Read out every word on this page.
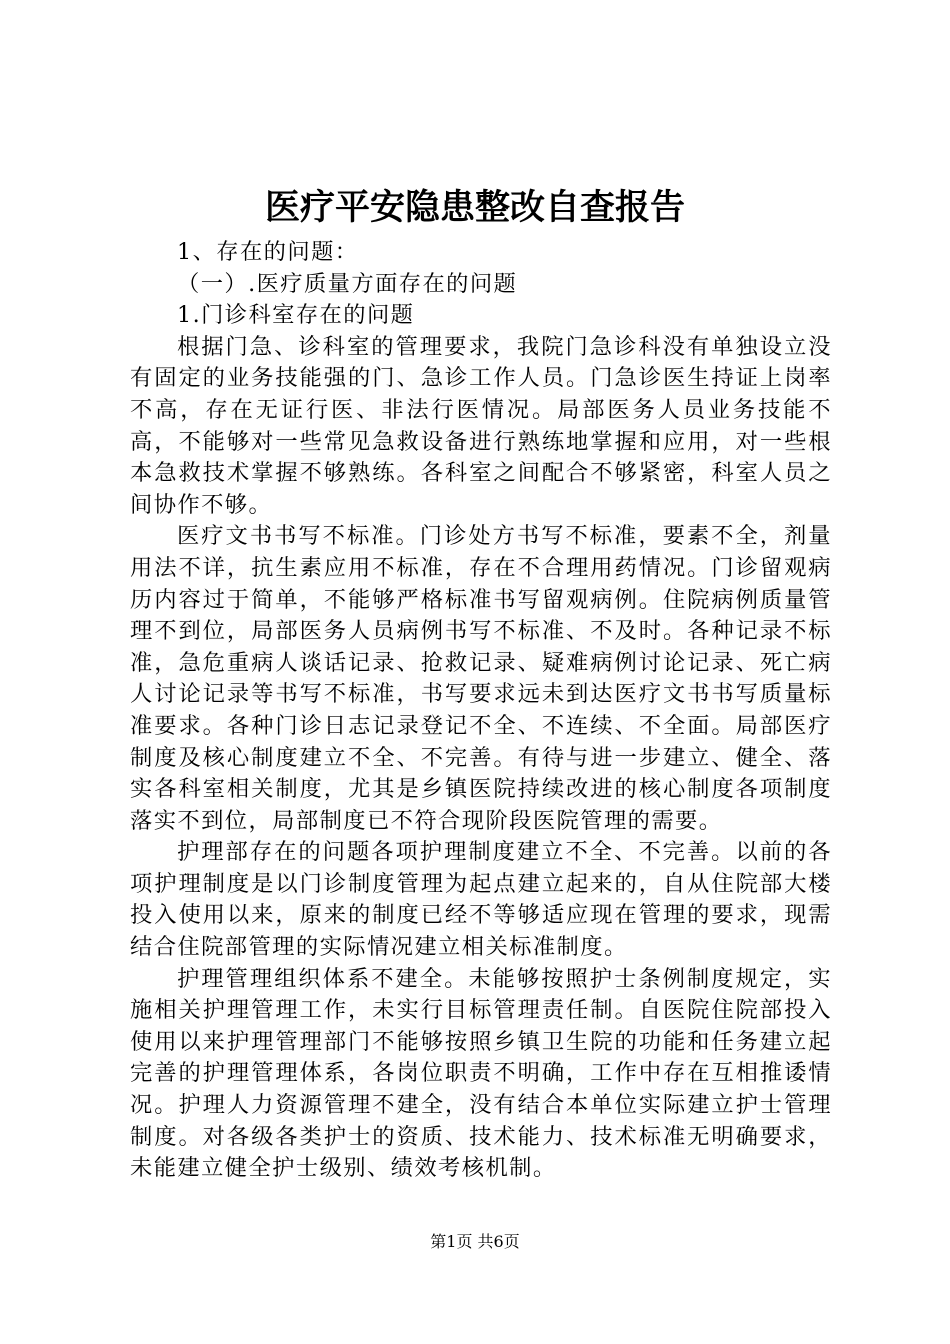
医疗平安隐患整改自查报告

1、存在的问题：

（一）.医疗质量方面存在的问题

1.门诊科室存在的问题

根据门急、诊科室的管理要求，我院门急诊科没有单独设立没有固定的业务技能强的门、急诊工作人员。门急诊医生持证上岗率不高，存在无证行医、非法行医情况。局部医务人员业务技能不高，不能够对一些常见急救设备进行熟练地掌握和应用，对一些根本急救技术掌握不够熟练。各科室之间配合不够紧密，科室人员之间协作不够。

医疗文书书写不标准。门诊处方书写不标准，要素不全，剂量用法不详，抗生素应用不标准，存在不合理用药情况。门诊留观病历内容过于简单，不能够严格标准书写留观病例。住院病例质量管理不到位，局部医务人员病例书写不标准、不及时。各种记录不标准，急危重病人谈话记录、抢救记录、疑难病例讨论记录、死亡病人讨论记录等书写不标准，书写要求远未到达医疗文书书写质量标准要求。各种门诊日志记录登记不全、不连续、不全面。局部医疗制度及核心制度建立不全、不完善。有待与进一步建立、健全、落实各科室相关制度，尤其是乡镇医院持续改进的核心制度各项制度落实不到位，局部制度已不符合现阶段医院管理的需要。

护理部存在的问题各项护理制度建立不全、不完善。以前的各项护理制度是以门诊制度管理为起点建立起来的，自从住院部大楼投入使用以来，原来的制度已经不等够适应现在管理的要求，现需结合住院部管理的实际情况建立相关标准制度。

护理管理组织体系不建全。未能够按照护士条例制度规定，实施相关护理管理工作，未实行目标管理责任制。自医院住院部投入使用以来护理管理部门不能够按照乡镇卫生院的功能和任务建立起完善的护理管理体系，各岗位职责不明确，工作中存在互相推诿情况。护理人力资源管理不建全，没有结合本单位实际建立护士管理制度。对各级各类护士的资质、技术能力、技术标准无明确要求，未能建立健全护士级别、绩效考核机制。

第1页 共6页
